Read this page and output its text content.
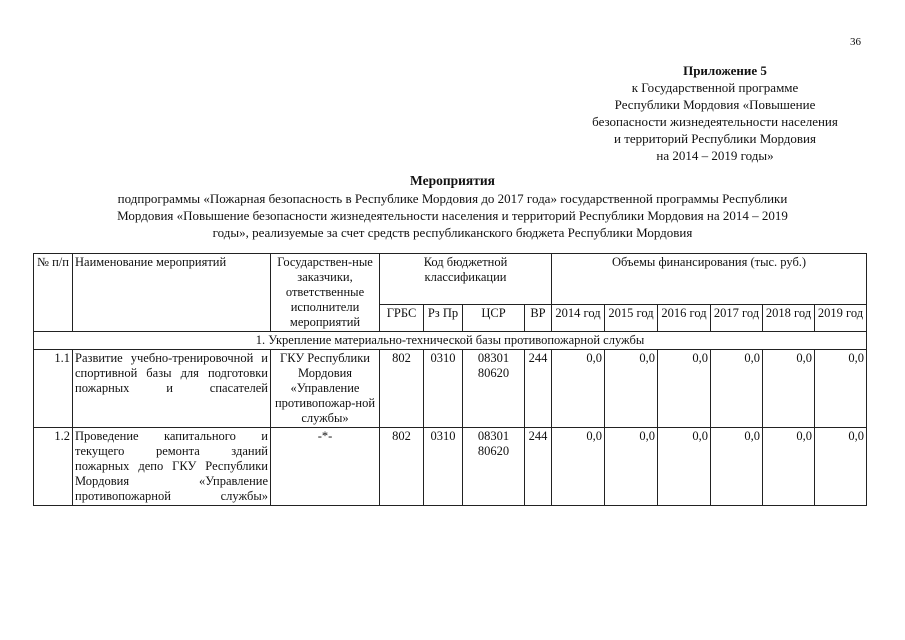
36
Приложение 5
к Государственной программе
Республики Мордовия «Повышение
безопасности жизнедеятельности населения
и территорий Республики Мордовия
на 2014 – 2019 годы»
Мероприятия
подпрограммы «Пожарная безопасность в Республике Мордовия до 2017 года» государственной программы Республики
Мордовия «Повышение безопасности жизнедеятельности населения и территорий Республики Мордовия на 2014 – 2019
годы», реализуемые за счет средств республиканского бюджета Республики Мордовия
№ п/п	Наименование мероприятий	Государствен-ные заказчики, ответственные исполнители мероприятий	Код бюджетной классификации				Объемы финансирования (тыс. руб.)					
			ГРБС	Рз Пр	ЦСР	ВР	2014 год	2015 год	2016 год	2017 год	2018 год	2019 год
1. Укрепление материально-технической базы противопожарной службы												
1.1	Развитие учебно-тренировочной и спортивной базы для подготовки пожарных и спасателей	ГКУ Республики Мордовия «Управление противопожар-ной службы»	802	0310	08301 80620	244	0,0	0,0	0,0	0,0	0,0	0,0
1.2	Проведение капитального и текущего ремонта зданий пожарных депо ГКУ Республики Мордовия «Управление противопожарной службы»	-*-	802	0310	08301 80620	244	0,0	0,0	0,0	0,0	0,0	0,0
